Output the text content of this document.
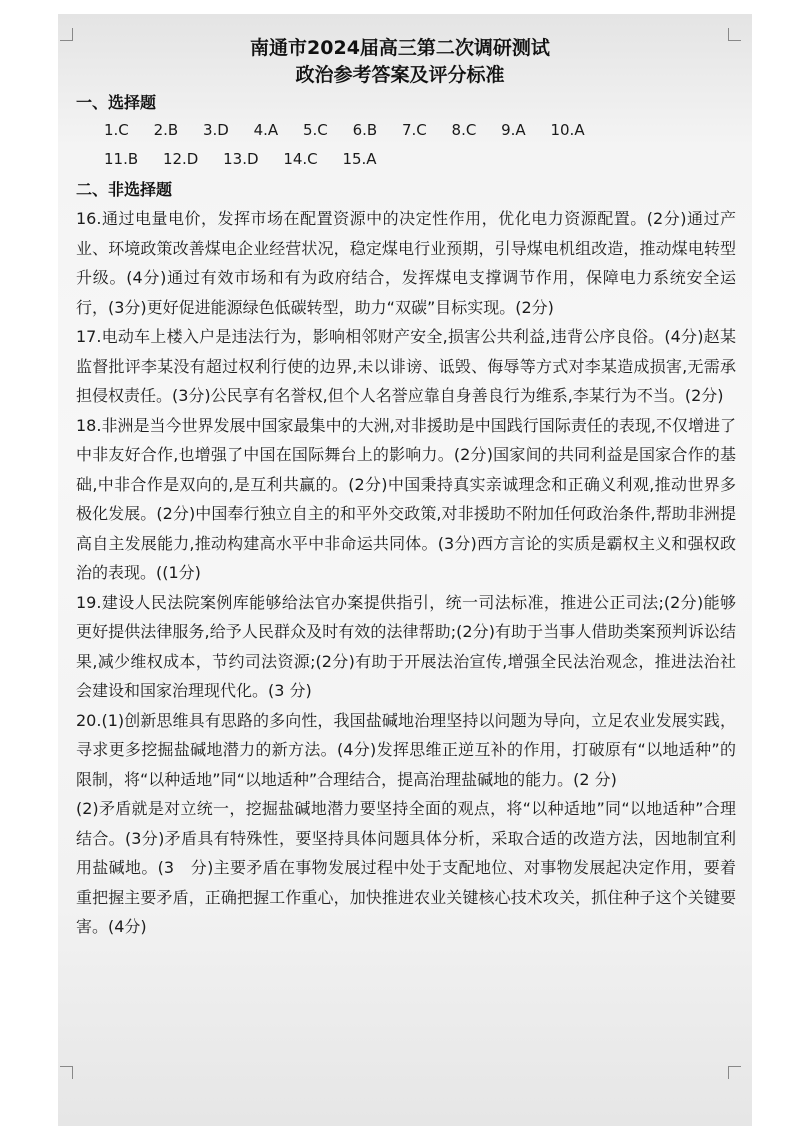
南通市2024届高三第二次调研测试
政治参考答案及评分标准
一、选择题
1.C 2.B 3.D 4.A 5.C 6.B 7.C 8.C 9.A 10.A
11.B 12.D 13.D 14.C 15.A
二、非选择题

16.通过电量电价，发挥市场在配置资源中的决定性作用，优化电力资源配置。(2分)通过产业、环境政策改善煤电企业经营状况，稳定煤电行业预期，引导煤电机组改造，推动煤电转型升级。(4分)通过有效市场和有为政府结合，发挥煤电支撑调节作用，保障电力系统安全运行，(3分)更好促进能源绿色低碳转型，助力“双碳”目标实现。(2分)

17.电动车上楼入户是违法行为，影响相邻财产安全,损害公共利益,违背公序良俗。(4分)赵某监督批评李某没有超过权利行使的边界,未以诽谤、诋毁、侮辱等方式对李某造成损害,无需承担侵权责任。(3分)公民享有名誉权,但个人名誉应靠自身善良行为维系,李某行为不当。(2分)

18.非洲是当今世界发展中国家最集中的大洲,对非援助是中国践行国际责任的表现,不仅增进了中非友好合作,也增强了中国在国际舞台上的影响力。(2分)国家间的共同利益是国家合作的基础,中非合作是双向的,是互利共赢的。(2分)中国秉持真实亲诚理念和正确义利观,推动世界多极化发展。(2分)中国奉行独立自主的和平外交政策,对非援助不附加任何政治条件,帮助非洲提高自主发展能力,推动构建高水平中非命运共同体。(3分)西方言论的实质是霸权主义和强权政治的表现。((1分)

19.建设人民法院案例库能够给法官办案提供指引，统一司法标准，推进公正司法;(2分)能够更好提供法律服务,给予人民群众及时有效的法律帮助;(2分)有助于当事人借助类案预判诉讼结果,减少维权成本，节约司法资源;(2分)有助于开展法治宣传,增强全民法治观念，推进法治社会建设和国家治理现代化。(3 分)

20.(1)创新思维具有思路的多向性，我国盐碱地治理坚持以问题为导向，立足农业发展实践，寻求更多挖掘盐碱地潜力的新方法。(4分)发挥思维正逆互补的作用，打破原有“以地适种”的限制，将“以种适地”同“以地适种”合理结合，提高治理盐碱地的能力。(2 分)

(2)矛盾就是对立统一，挖掘盐碱地潜力要坚持全面的观点，将“以种适地”同“以地适种”合理结合。(3分)矛盾具有特殊性，要坚持具体问题具体分析，采取合适的改造方法，因地制宜利用盐碱地。(3　分)主要矛盾在事物发展过程中处于支配地位、对事物发展起决定作用，要着重把握主要矛盾，正确把握工作重心，加快推进农业关键核心技术攻关，抓住种子这个关键要害。(4分)
